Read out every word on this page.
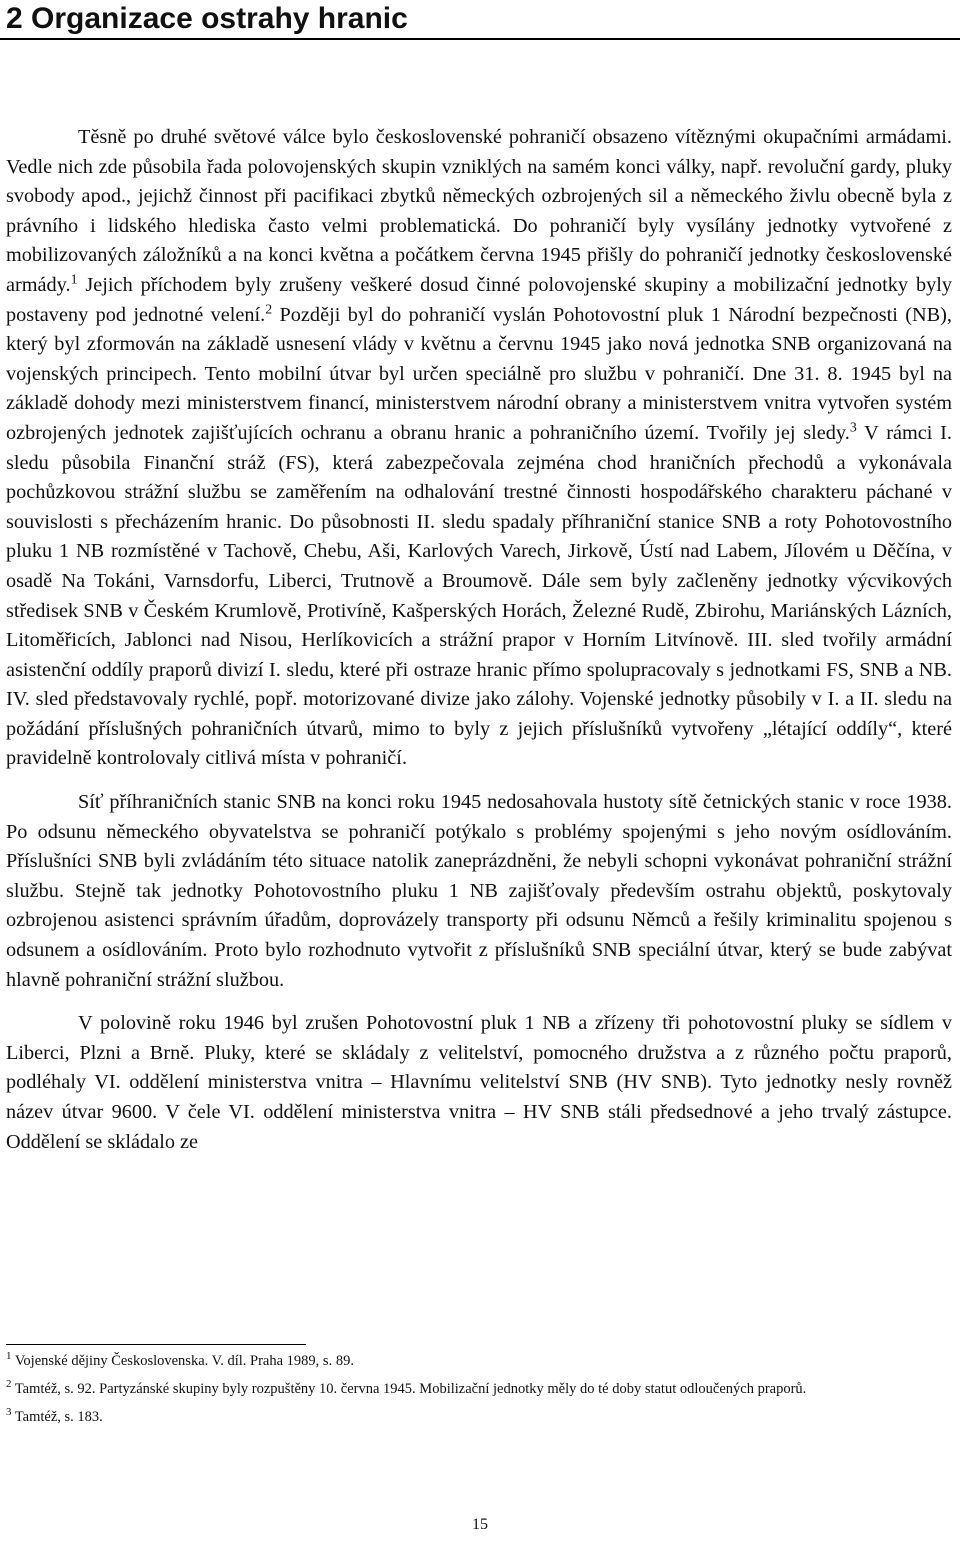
2 Organizace ostrahy hranic

Těsně po druhé světové válce bylo československé pohraničí obsazeno vítěznými okupačními armádami. Vedle nich zde působila řada polovojenských skupin vzniklých na samém konci války, např. revoluční gardy, pluky svobody apod., jejichž činnost při pacifikaci zbytků německých ozbrojených sil a německého živlu obecně byla z právního i lidského hlediska často velmi problematická. Do pohraničí byly vysílány jednotky vytvořené z mobilizovaných záložníků a na konci května a počátkem června 1945 přišly do pohraničí jednotky československé armády.$^1$ Jejich příchodem byly zrušeny veškeré dosud činné polovojenské skupiny a mobilizační jednotky byly postaveny pod jednotné velení.$^2$ Později byl do pohraničí vyslán Pohotovostní pluk 1 Národní bezpečnosti (NB), který byl zformován na základě usnesení vlády v květnu a červnu 1945 jako nová jednotka SNB organizovaná na vojenských principech. Tento mobilní útvar byl určen speciálně pro službu v pohraničí. Dne 31. 8. 1945 byl na základě dohody mezi ministerstvem financí, ministerstvem národní obrany a ministerstvem vnitra vytvořen systém ozbrojených jednotek zajišťujících ochranu a obranu hranic a pohraničního území. Tvořily jej sledy.$^3$ V rámci I. sledu působila Finanční stráž (FS), která zabezpečovala zejména chod hraničních přechodů a vykonávala pochůzkovou strážní službu se zaměřením na odhalování trestné činnosti hospodářského charakteru páchané v souvislosti s přecházením hranic. Do působnosti II. sledu spadaly příhraniční stanice SNB a roty Pohotovostního pluku 1 NB rozmístěné v Tachově, Chebu, Aši, Karlových Varech, Jirkově, Ústí nad Labem, Jílovém u Děčína, v osadě Na Tokáni, Varnsdorfu, Liberci, Trutnově a Broumově. Dále sem byly začleněny jednotky výcvikových středisek SNB v Českém Krumlově, Protivíně, Kašperských Horách, Železné Rudě, Zbirohu, Mariánských Lázních, Litoměřicích, Jablonci nad Nisou, Herlíkovicích a strážní prapor v Horním Litvínově. III. sled tvořily armádní asistenční oddíly praporů divizí I. sledu, které při ostraze hranic přímo spolupracovaly s jednotkami FS, SNB a NB. IV. sled představovaly rychlé, popř. motorizované divize jako zálohy. Vojenské jednotky působily v I. a II. sledu na požádání příslušných pohraničních útvarů, mimo to byly z jejich příslušníků vytvořeny „létající oddíly“, které pravidelně kontrolovaly citlivá místa v pohraničí.

Síť příhraničních stanic SNB na konci roku 1945 nedosahovala hustoty sítě četnických stanic v roce 1938. Po odsunu německého obyvatelstva se pohraničí potýkalo s problémy spojenými s jeho novým osídlováním. Příslušníci SNB byli zvládáním této situace natolik zaneprázdněni, že nebyli schopni vykonávat pohraniční strážní službu. Stejně tak jednotky Pohotovostního pluku 1 NB zajišťovaly především ostrahu objektů, poskytovaly ozbrojenou asistenci správním úřadům, doprovázely transporty při odsunu Němců a řešily kriminalitu spojenou s odsunem a osídlováním. Proto bylo rozhodnuto vytvořit z příslušníků SNB speciální útvar, který se bude zabývat hlavně pohraniční strážní službou.

V polovině roku 1946 byl zrušen Pohotovostní pluk 1 NB a zřízeny tři pohotovostní pluky se sídlem v Liberci, Plzni a Brně. Pluky, které se skládaly z velitelství, pomocného družstva a z různého počtu praporů, podléhaly VI. oddělení ministerstva vnitra – Hlavnímu velitelství SNB (HV SNB). Tyto jednotky nesly rovněž název útvar 9600. V čele VI. oddělení ministerstva vnitra – HV SNB stáli předsednové a jeho trvalý zástupce. Oddělení se skládalo ze

$^1$ Vojenské dějiny Československa. V. díl. Praha 1989, s. 89.
$^2$ Tamtéž, s. 92. Partyzánské skupiny byly rozpuštěny 10. června 1945. Mobilizační jednotky měly do té doby statut odloučených praporů.
$^3$ Tamtéž, s. 183.
15
